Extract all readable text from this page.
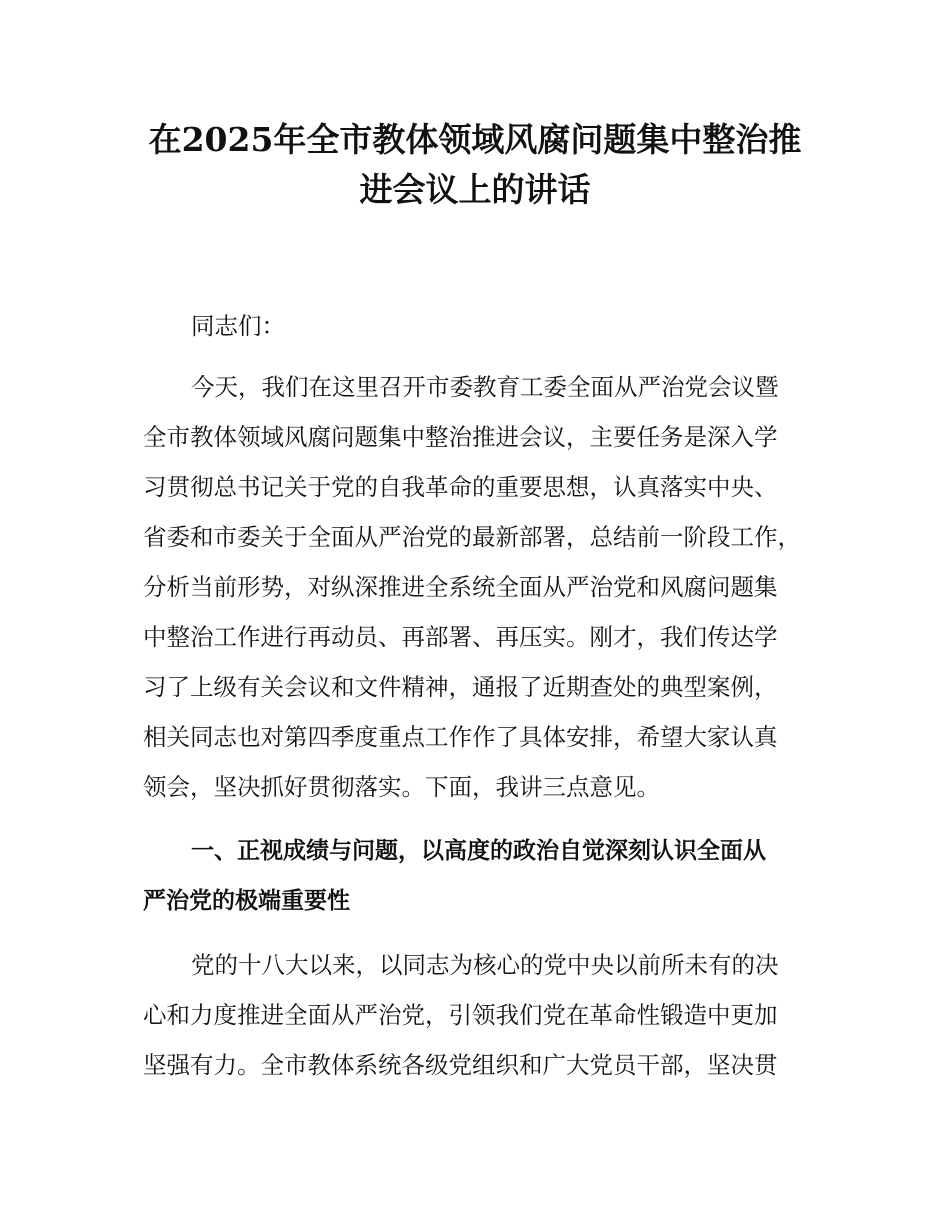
在2025年全市教体领域风腐问题集中整治推
进会议上的讲话
同志们：
今天，我们在这里召开市委教育工委全面从严治党会议暨
全市教体领域风腐问题集中整治推进会议，主要任务是深入学
习贯彻总书记关于党的自我革命的重要思想，认真落实中央、
省委和市委关于全面从严治党的最新部署，总结前一阶段工作，
分析当前形势，对纵深推进全系统全面从严治党和风腐问题集
中整治工作进行再动员、再部署、再压实。刚才，我们传达学
习了上级有关会议和文件精神，通报了近期查处的典型案例，
相关同志也对第四季度重点工作作了具体安排，希望大家认真
领会，坚决抓好贯彻落实。下面，我讲三点意见。
一、正视成绩与问题，以高度的政治自觉深刻认识全面从
严治党的极端重要性
党的十八大以来，以同志为核心的党中央以前所未有的决
心和力度推进全面从严治党，引领我们党在革命性锻造中更加
坚强有力。全市教体系统各级党组织和广大党员干部，坚决贯
